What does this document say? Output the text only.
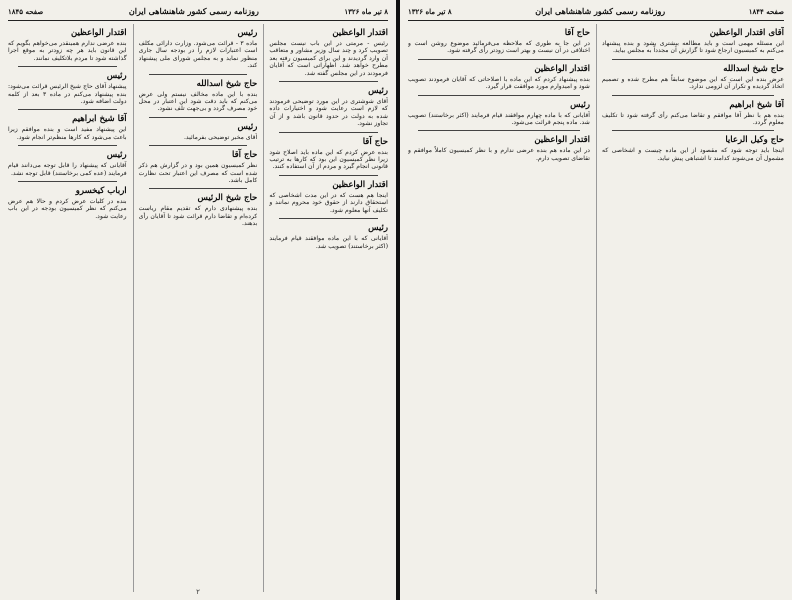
۸ تیر ماه ۱۳۲۶
روزنامه رسمی کشور شاهنشاهی ایران
صفحه ۱۸۴۵
اقتدار الواعظین

رئیس - مرمتی در این باب نیست مجلس تصویب کرد و چند سال وزیر مشاور و متعاقب آن وارد گردیدند و این برای کمیسیون رفته بعد مطرح خواهد شد. اظهاراتی است که آقایان فرمودند در این مجلس گفته شد.

رئیس

آقای شوشتری در این مورد توضیحی فرمودند که لازم است رعایت شود و اختیارات داده شده به دولت در حدود قانون باشد و از آن تجاوز نشود.

حاج آقا

بنده عرض کردم که این ماده باید اصلاح شود زیرا نظر کمیسیون این بود که کارها به ترتیب قانونی انجام گیرد و مردم از آن استفاده کنند.

اقتدار الواعظین

اینجا هم هست که در این مدت اشخاصی که استحقاق دارند از حقوق خود محروم نمانند و تکلیف آنها معلوم شود.

رئیس

آقایانی که با این ماده موافقند قیام فرمایند (اکثر برخاستند) تصویب شد.

رئیس

ماده ۳ - قرائت می‌شود. وزارت دارائی مکلف است اعتبارات لازم را در بودجه سال جاری منظور نماید و به مجلس شورای ملی پیشنهاد کند.

حاج شیخ اسدالله

بنده با این ماده مخالف نیستم ولی عرض می‌کنم که باید دقت شود این اعتبار در محل خود مصرف گردد و بی‌جهت تلف نشود.

رئیس

آقای مخبر توضیحی بفرمائید.

حاج آقا

نظر کمیسیون همین بود و در گزارش هم ذکر شده است که مصرف این اعتبار تحت نظارت کامل باشد.

حاج شیخ الرئیس

بنده پیشنهادی دارم که تقدیم مقام ریاست کرده‌ام و تقاضا دارم قرائت شود تا آقایان رأی بدهند.

اقتدار الواعظین

بنده عرضی ندارم همینقدر می‌خواهم بگویم که این قانون باید هر چه زودتر به موقع اجرا گذاشته شود تا مردم بلاتکلیف نمانند.

رئیس

پیشنهاد آقای حاج شیخ الرئیس قرائت می‌شود: بنده پیشنهاد می‌کنم در ماده ۳ بعد از کلمه دولت اضافه شود.

آقا شیخ ابراهیم

این پیشنهاد مفید است و بنده موافقم زیرا باعث می‌شود که کارها منظم‌تر انجام شود.

رئیس

آقایانی که پیشنهاد را قابل توجه می‌دانند قیام فرمایند (عده کمی برخاستند) قابل توجه نشد.

ارباب کیخسرو

بنده در کلیات عرض کردم و حالا هم عرض می‌کنم که نظر کمیسیون بودجه در این باب رعایت شود.

۲
صفحه ۱۸۴۴
روزنامه رسمی کشور شاهنشاهی ایران
۸ تیر ماه ۱۳۲۶
آقای اقتدار الواعظین

این مسئله مهمی است و باید مطالعه بیشتری بشود و بنده پیشنهاد می‌کنم به کمیسیون ارجاع شود تا گزارش آن مجدداً به مجلس بیاید.

حاج شیخ اسدالله

عرض بنده این است که این موضوع سابقاً هم مطرح شده و تصمیم اتخاذ گردیده و تکرار آن لزومی ندارد.

آقا شیخ ابراهیم

بنده هم با نظر آقا موافقم و تقاضا می‌کنم رأی گرفته شود تا تکلیف معلوم گردد.

حاج وکیل الرعایا

اینجا باید توجه شود که مقصود از این ماده چیست و اشخاصی که مشمول آن می‌شوند کدامند تا اشتباهی پیش نیاید.

حاج آقا

در این جا به طوری که ملاحظه می‌فرمائید موضوع روشن است و اختلافی در آن نیست و بهتر است زودتر رأی گرفته شود.

اقتدار الواعظین

بنده پیشنهاد کردم که این ماده با اصلاحاتی که آقایان فرمودند تصویب شود و امیدوارم مورد موافقت قرار گیرد.

رئیس

آقایانی که با ماده چهارم موافقند قیام فرمایند (اکثر برخاستند) تصویب شد. ماده پنجم قرائت می‌شود.

اقتدار الواعظین

در این ماده هم بنده عرضی ندارم و با نظر کمیسیون کاملاً موافقم و تقاضای تصویب دارم.

۱
